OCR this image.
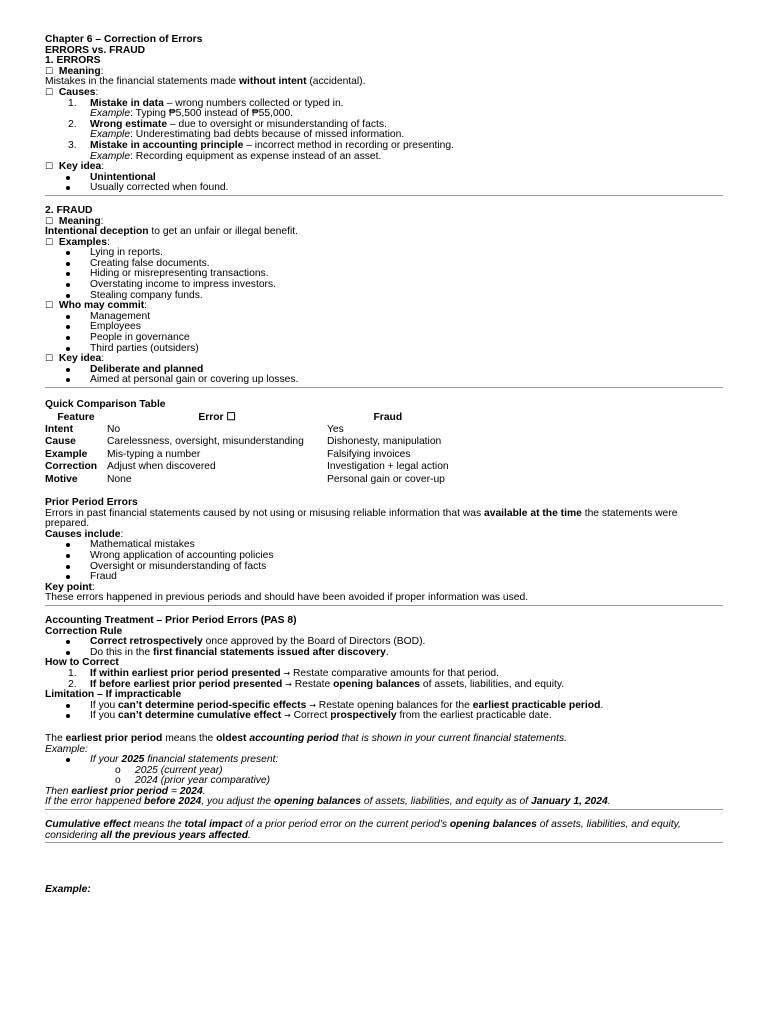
Chapter 6 – Correction of Errors
ERRORS vs. FRAUD
1. ERRORS
☐ Meaning:
Mistakes in the financial statements made without intent (accidental).
☐ Causes:
1. Mistake in data – wrong numbers collected or typed in.
Example: Typing ₱5,500 instead of ₱55,000.
2. Wrong estimate – due to oversight or misunderstanding of facts.
Example: Underestimating bad debts because of missed information.
3. Mistake in accounting principle – incorrect method in recording or presenting.
Example: Recording equipment as expense instead of an asset.
☐ Key idea:
Unintentional
Usually corrected when found.
2. FRAUD
☐ Meaning:
Intentional deception to get an unfair or illegal benefit.
☐ Examples:
Lying in reports.
Creating false documents.
Hiding or misrepresenting transactions.
Overstating income to impress investors.
Stealing company funds.
☐ Who may commit:
Management
Employees
People in governance
Third parties (outsiders)
☐ Key idea:
Deliberate and planned
Aimed at personal gain or covering up losses.
Quick Comparison Table
Feature	Error ☐	Fraud
Intent	No	Yes
Cause	Carelessness, oversight, misunderstanding	Dishonesty, manipulation
Example	Mis-typing a number	Falsifying invoices
Correction	Adjust when discovered	Investigation + legal action
Motive	None	Personal gain or cover-up
Prior Period Errors
Errors in past financial statements caused by not using or misusing reliable information that was available at the time the statements were prepared.
Causes include:
Mathematical mistakes
Wrong application of accounting policies
Oversight or misunderstanding of facts
Fraud
Key point:
These errors happened in previous periods and should have been avoided if proper information was used.
Accounting Treatment – Prior Period Errors (PAS 8)
Correction Rule
Correct retrospectively once approved by the Board of Directors (BOD).
Do this in the first financial statements issued after discovery.
How to Correct
1. If within earliest prior period presented → Restate comparative amounts for that period.
2. If before earliest prior period presented → Restate opening balances of assets, liabilities, and equity.
Limitation – If impracticable
If you can’t determine period-specific effects → Restate opening balances for the earliest practicable period.
If you can’t determine cumulative effect → Correct prospectively from the earliest practicable date.
The earliest prior period means the oldest accounting period that is shown in your current financial statements.
Example:
If your 2025 financial statements present:
o 2025 (current year)
o 2024 (prior year comparative)
Then earliest prior period = 2024.
If the error happened before 2024, you adjust the opening balances of assets, liabilities, and equity as of January 1, 2024.
Cumulative effect means the total impact of a prior period error on the current period’s opening balances of assets, liabilities, and equity, considering all the previous years affected.
Example:
